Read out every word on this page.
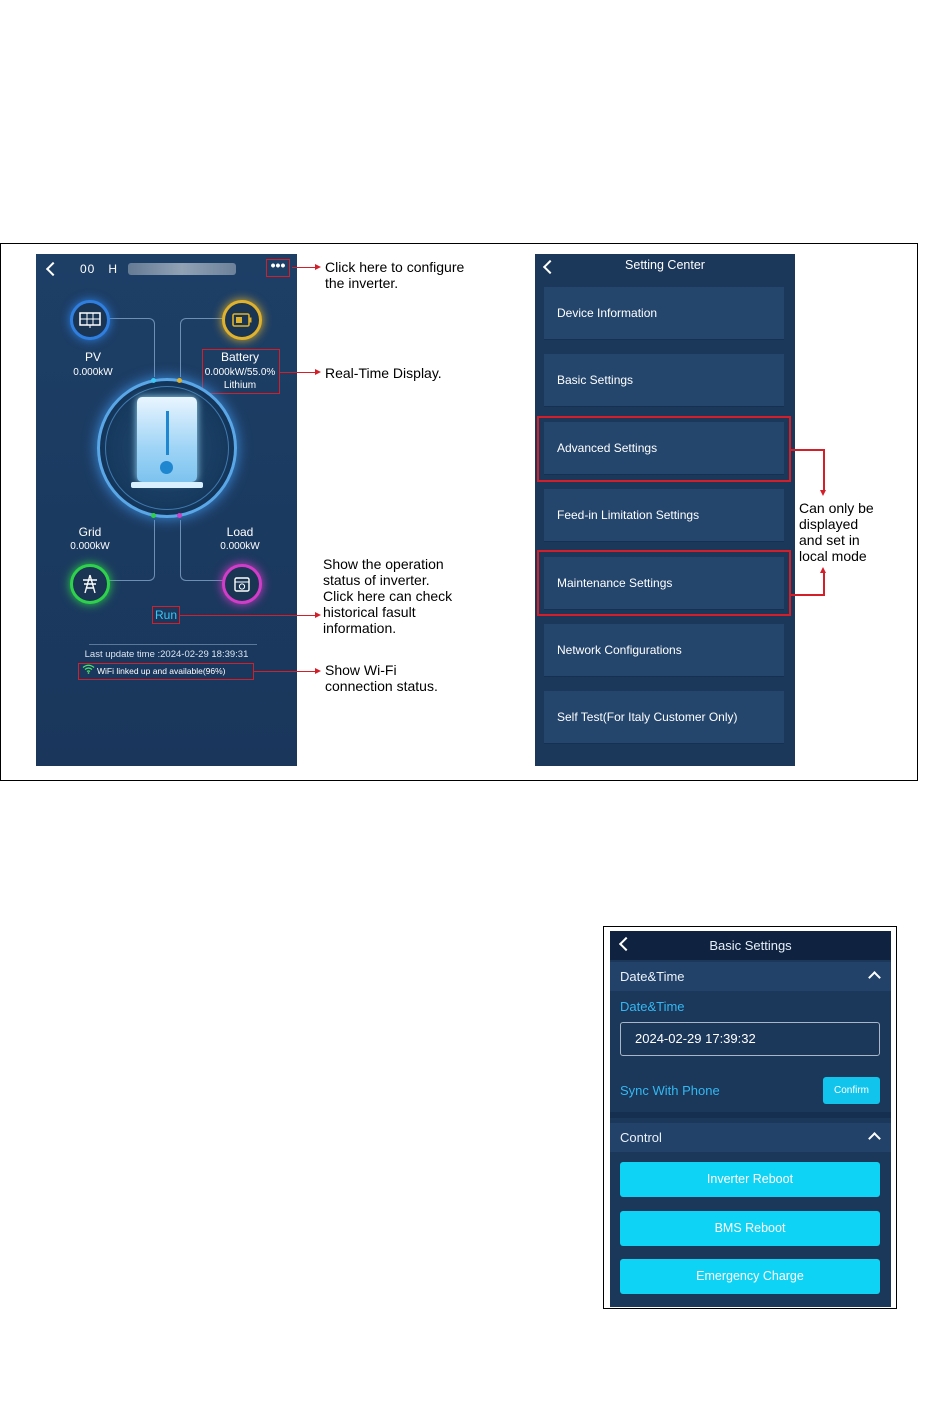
00 H	•••
PV
0.000kW
Battery
0.000kW/55.0%
Lithium
Grid
0.000kW
Load
0.000kW
Run
Last update time :2024-02-29 18:39:31
WiFi linked up and available(96%)
Click here to configure
the inverter.
Real-Time Display.
Show the operation
status of inverter.
Click here can check
historical fasult
information.
Show Wi-Fi
connection status.
Setting Center
Device Information
Basic Settings
Advanced Settings
Feed-in Limitation Settings
Maintenance Settings
Network Configurations
Self Test(For Italy Customer Only)
Can only be
displayed
and set in
local mode
Basic Settings
Date&Time
Date&Time
2024-02-29 17:39:32
Sync With Phone	Confirm
Control
Inverter Reboot
BMS Reboot
Emergency Charge
